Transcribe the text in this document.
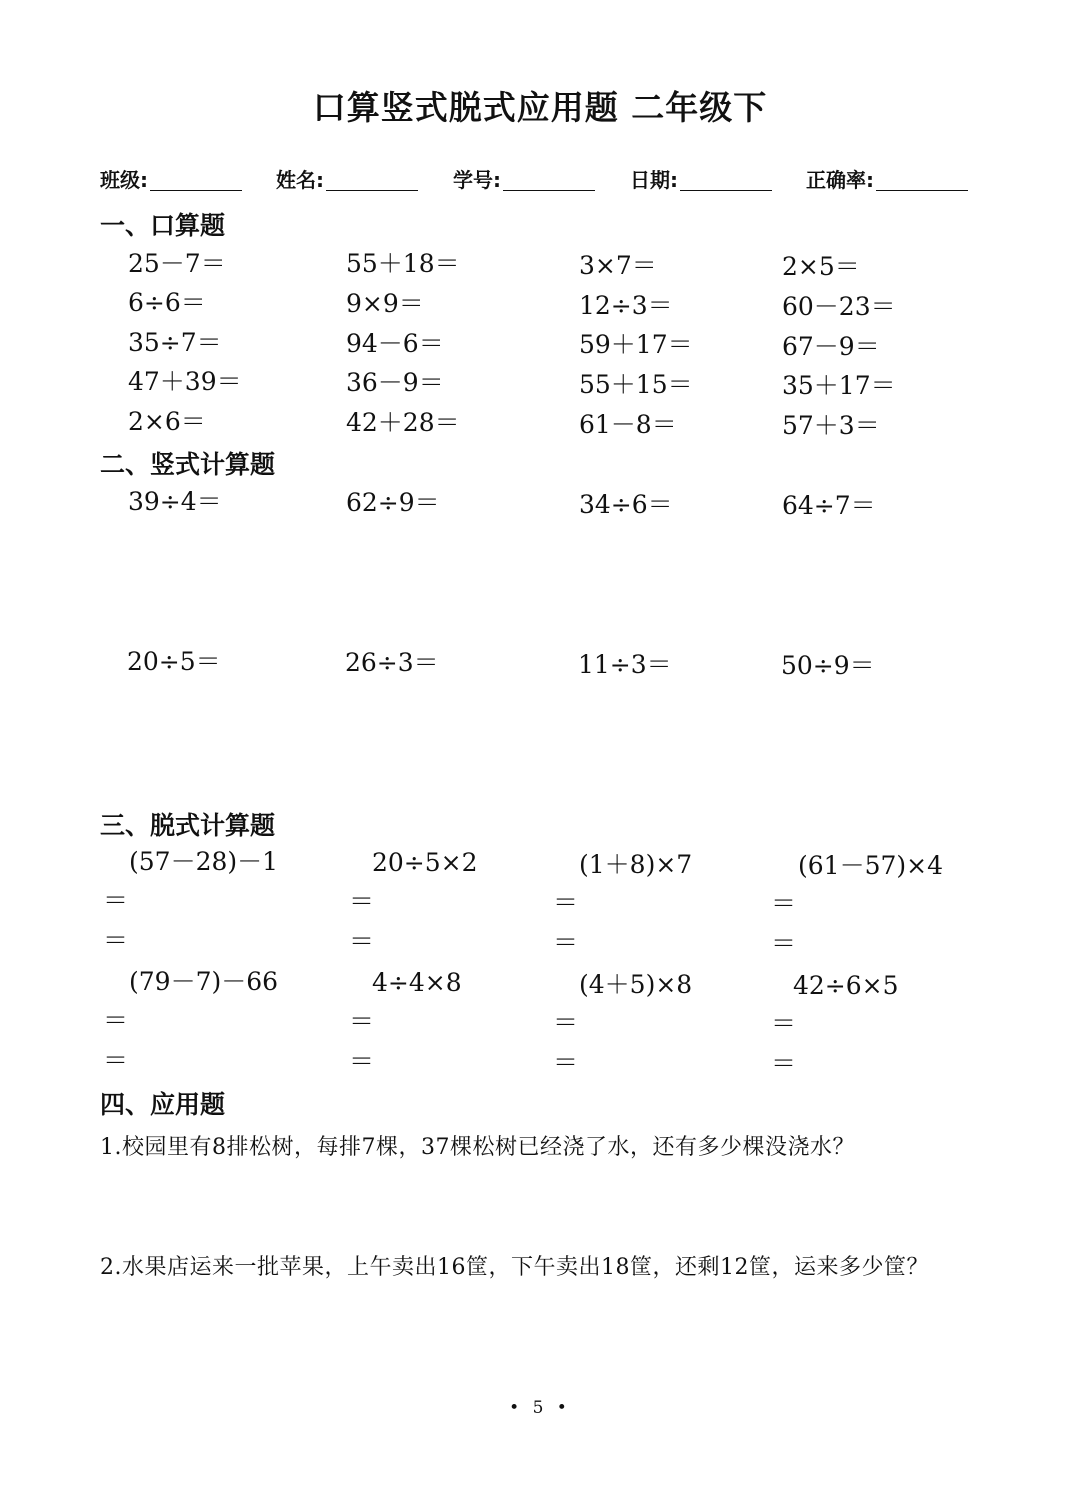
口算竖式脱式应用题 二年级下
班级:	姓名:	学号:	日期:	正确率:
一、口算题
25－7＝	55＋18＝	3×7＝	2×5＝
6÷6＝	9×9＝	12÷3＝	60－23＝
35÷7＝	94－6＝	59＋17＝	67－9＝
47＋39＝	36－9＝	55＋15＝	35＋17＝
2×6＝	42＋28＝	61－8＝	57＋3＝
二、竖式计算题
39÷4＝	62÷9＝	34÷6＝	64÷7＝
20÷5＝	26÷3＝	11÷3＝	50÷9＝
三、脱式计算题
(57－28)－1	20÷5×2	(1＋8)×7	(61－57)×4
＝	＝	＝	＝
＝	＝	＝	＝
(79－7)－66	4÷4×8	(4＋5)×8	42÷6×5
＝	＝	＝	＝
＝	＝	＝	＝
四、应用题
1.校园里有8排松树，每排7棵，37棵松树已经浇了水，还有多少棵没浇水？
2.水果店运来一批苹果，上午卖出16筐，下午卖出18筐，还剩12筐，运来多少筐？
• 5 •
